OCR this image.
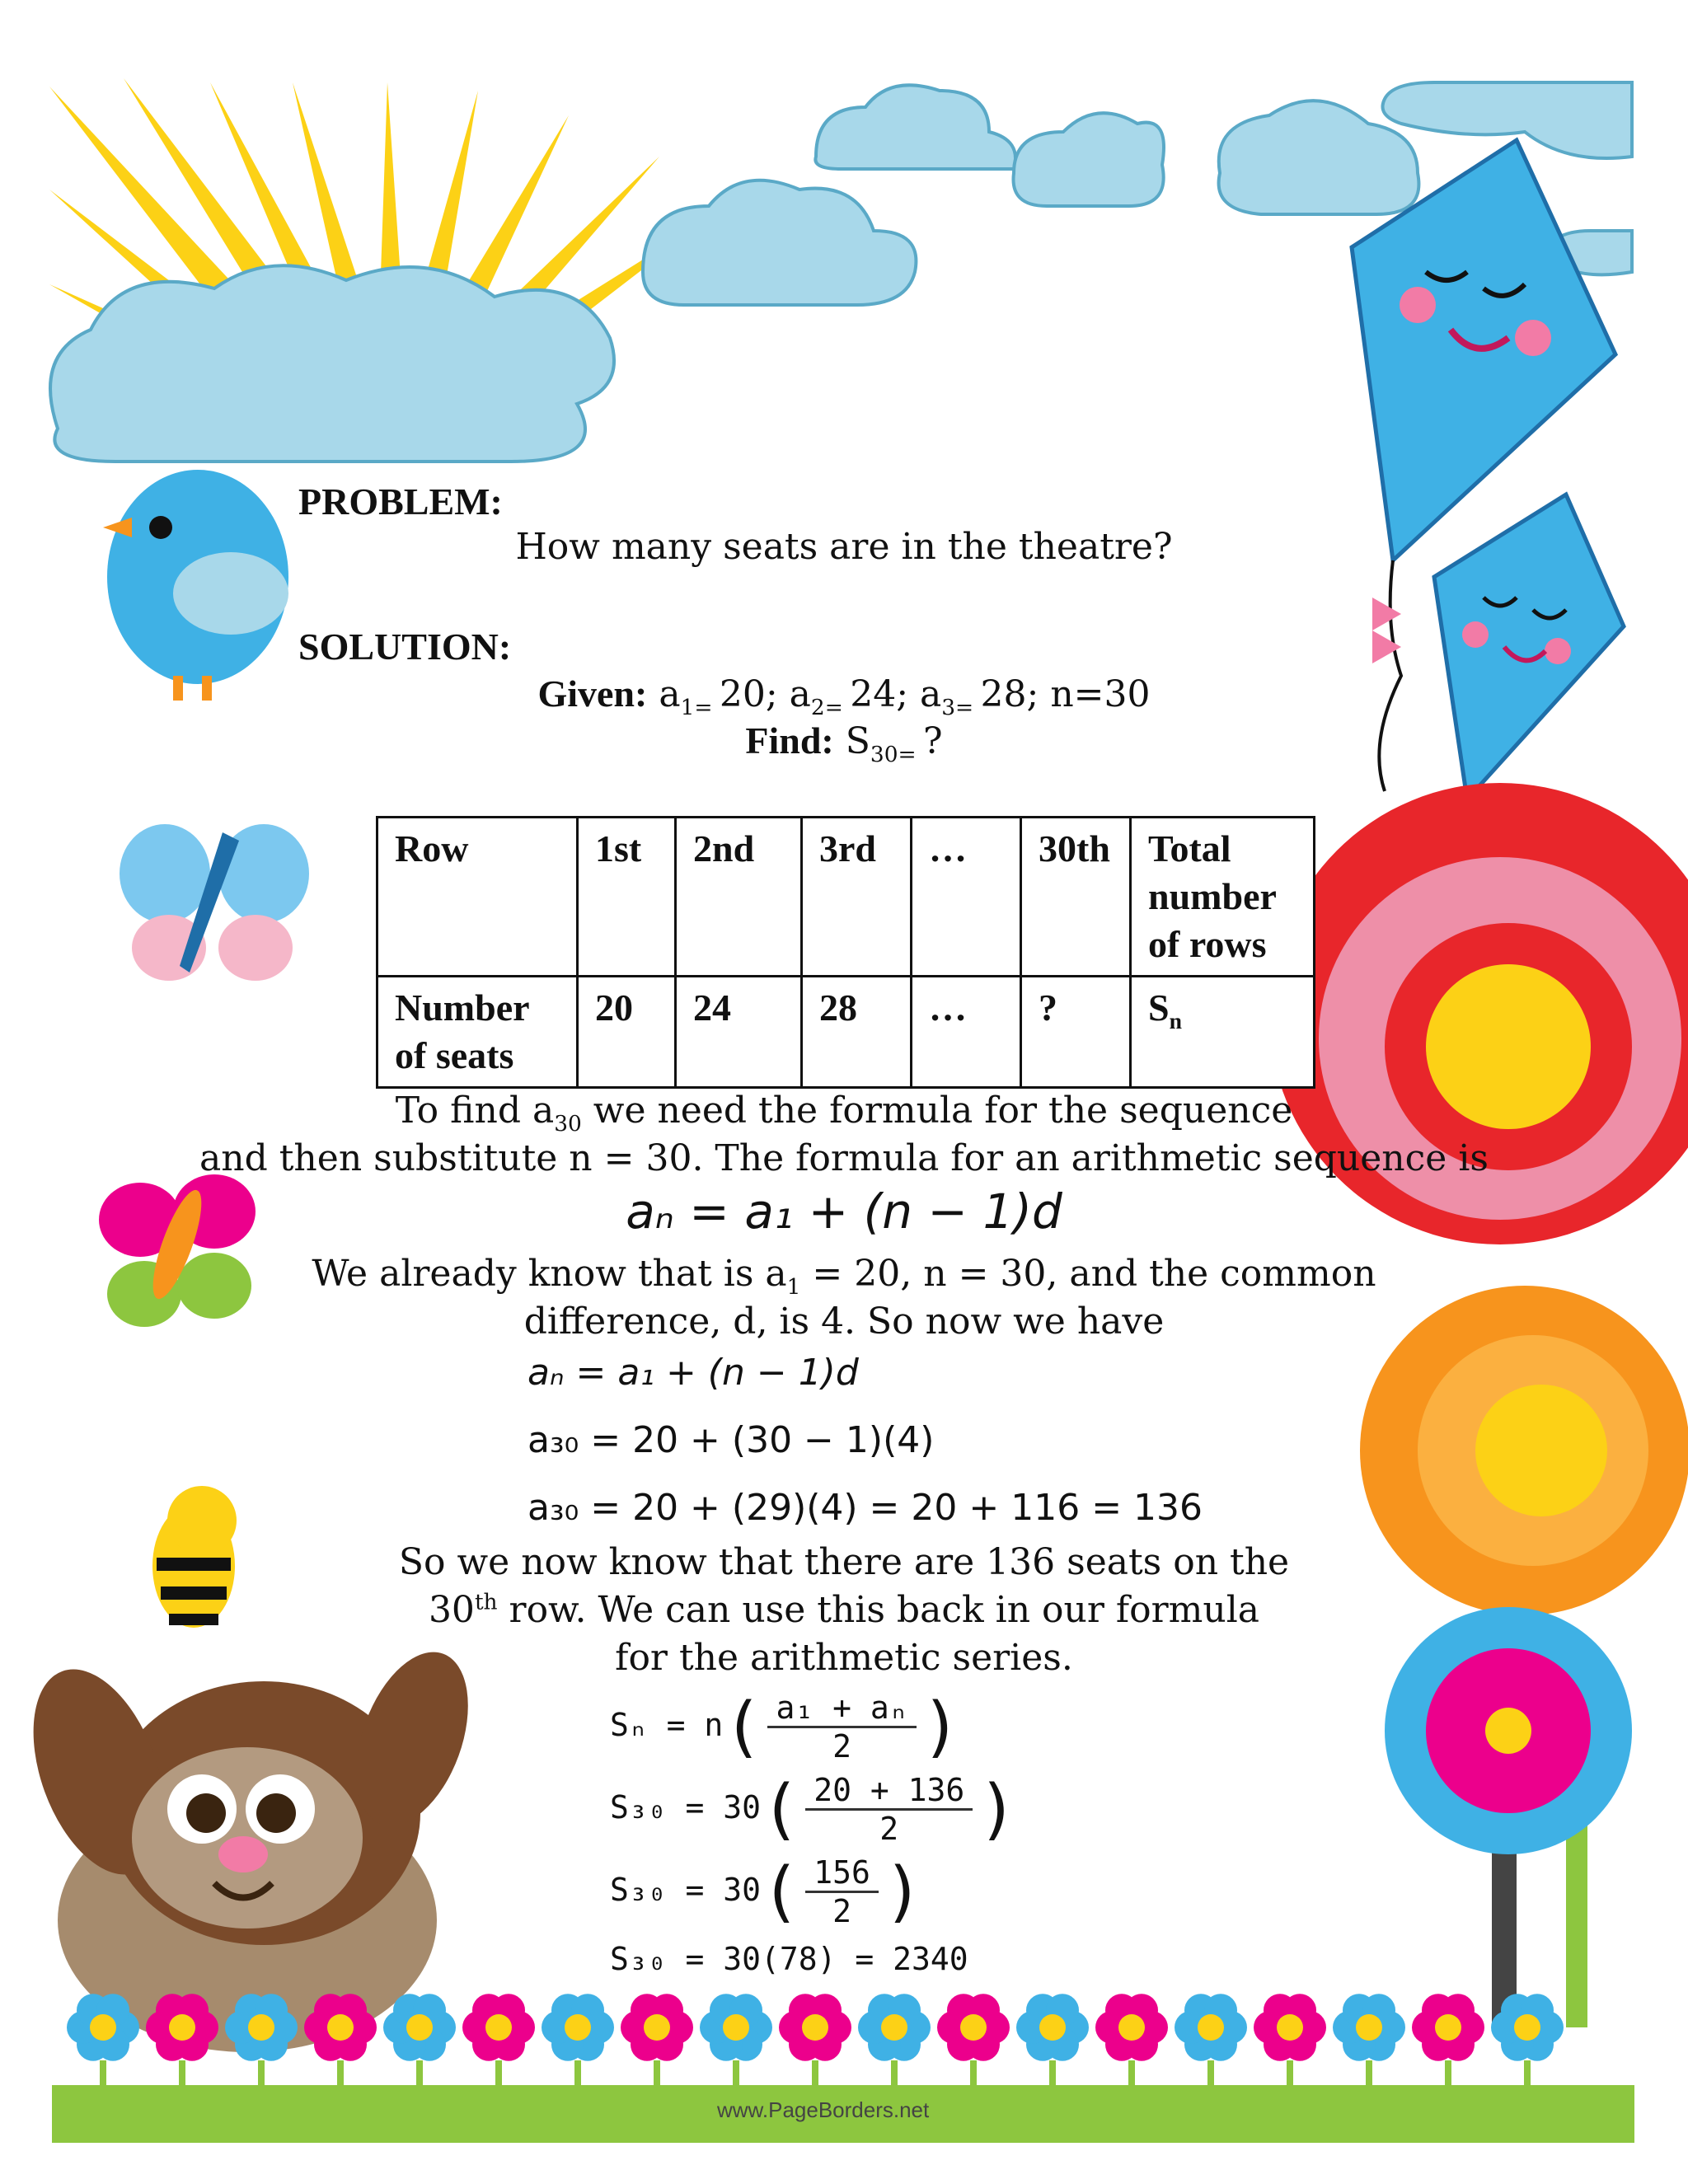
PROBLEM:
How many seats are in the theatre?
SOLUTION:
Given: $a_{1=}$ 20; $a_{2=}$ 24; $a_{3=}$ 28; n=30
Find: $S_{30=}$ ?
Row	1st	2nd	3rd	…	30th	Total number of rows
Number of seats	20	24	28	…	?	$S_n$
To find $a_{30}$ we need the formula for the sequence
and then substitute n = 30. The formula for an arithmetic sequence is
aₙ = a₁ + (n − 1)d
We already know that is $a_1 = 20$, n = 30, and the common
difference, d, is 4. So now we have
aₙ = a₁ + (n − 1)d
a₃₀ = 20 + (30 − 1)(4)
a₃₀ = 20 + (29)(4) = 20 + 116 = 136
So we now know that there are 136 seats on the
30th row. We can use this back in our formula
for the arithmetic series.
$S_n = n( \frac{\text{a₁ + aₙ}}{2}$ )
$S_{30} = 30( \frac{20 + 136}{2}$ )
$S_{30} = 30( \frac{156}{2}$ )
S₃₀ = 30(78) = 2340
www.PageBorders.net
